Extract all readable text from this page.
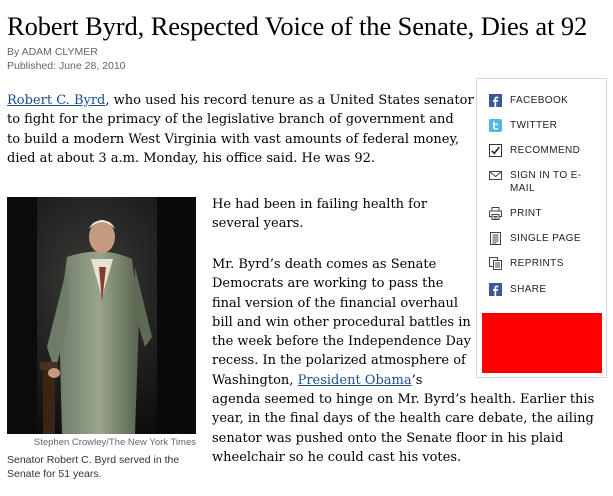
Robert Byrd, Respected Voice of the Senate, Dies at 92
By ADAM CLYMER
Published: June 28, 2010
Robert C. Byrd, who used his record tenure as a United States senator
to fight for the primacy of the legislative branch of government and
to build a modern West Virginia with vast amounts of federal money,
died at about 3 a.m. Monday, his office said. He was 92.
Stephen Crowley/The New York Times
Senator Robert C. Byrd served in the
Senate for 51 years.
He had been in failing health for
several years.
Mr. Byrd’s death comes as Senate
Democrats are working to pass the
final version of the financial overhaul
bill and win other procedural battles in
the week before the Independence Day
recess. In the polarized atmosphere of
Washington, President Obama’s
agenda seemed to hinge on Mr. Byrd’s health. Earlier this
year, in the final days of the health care debate, the ailing
senator was pushed onto the Senate floor in his plaid
wheelchair so he could cast his votes.
FACEBOOK
TWITTER
RECOMMEND
SIGN IN TO E-
MAIL
PRINT
SINGLE PAGE
REPRINTS
SHARE
